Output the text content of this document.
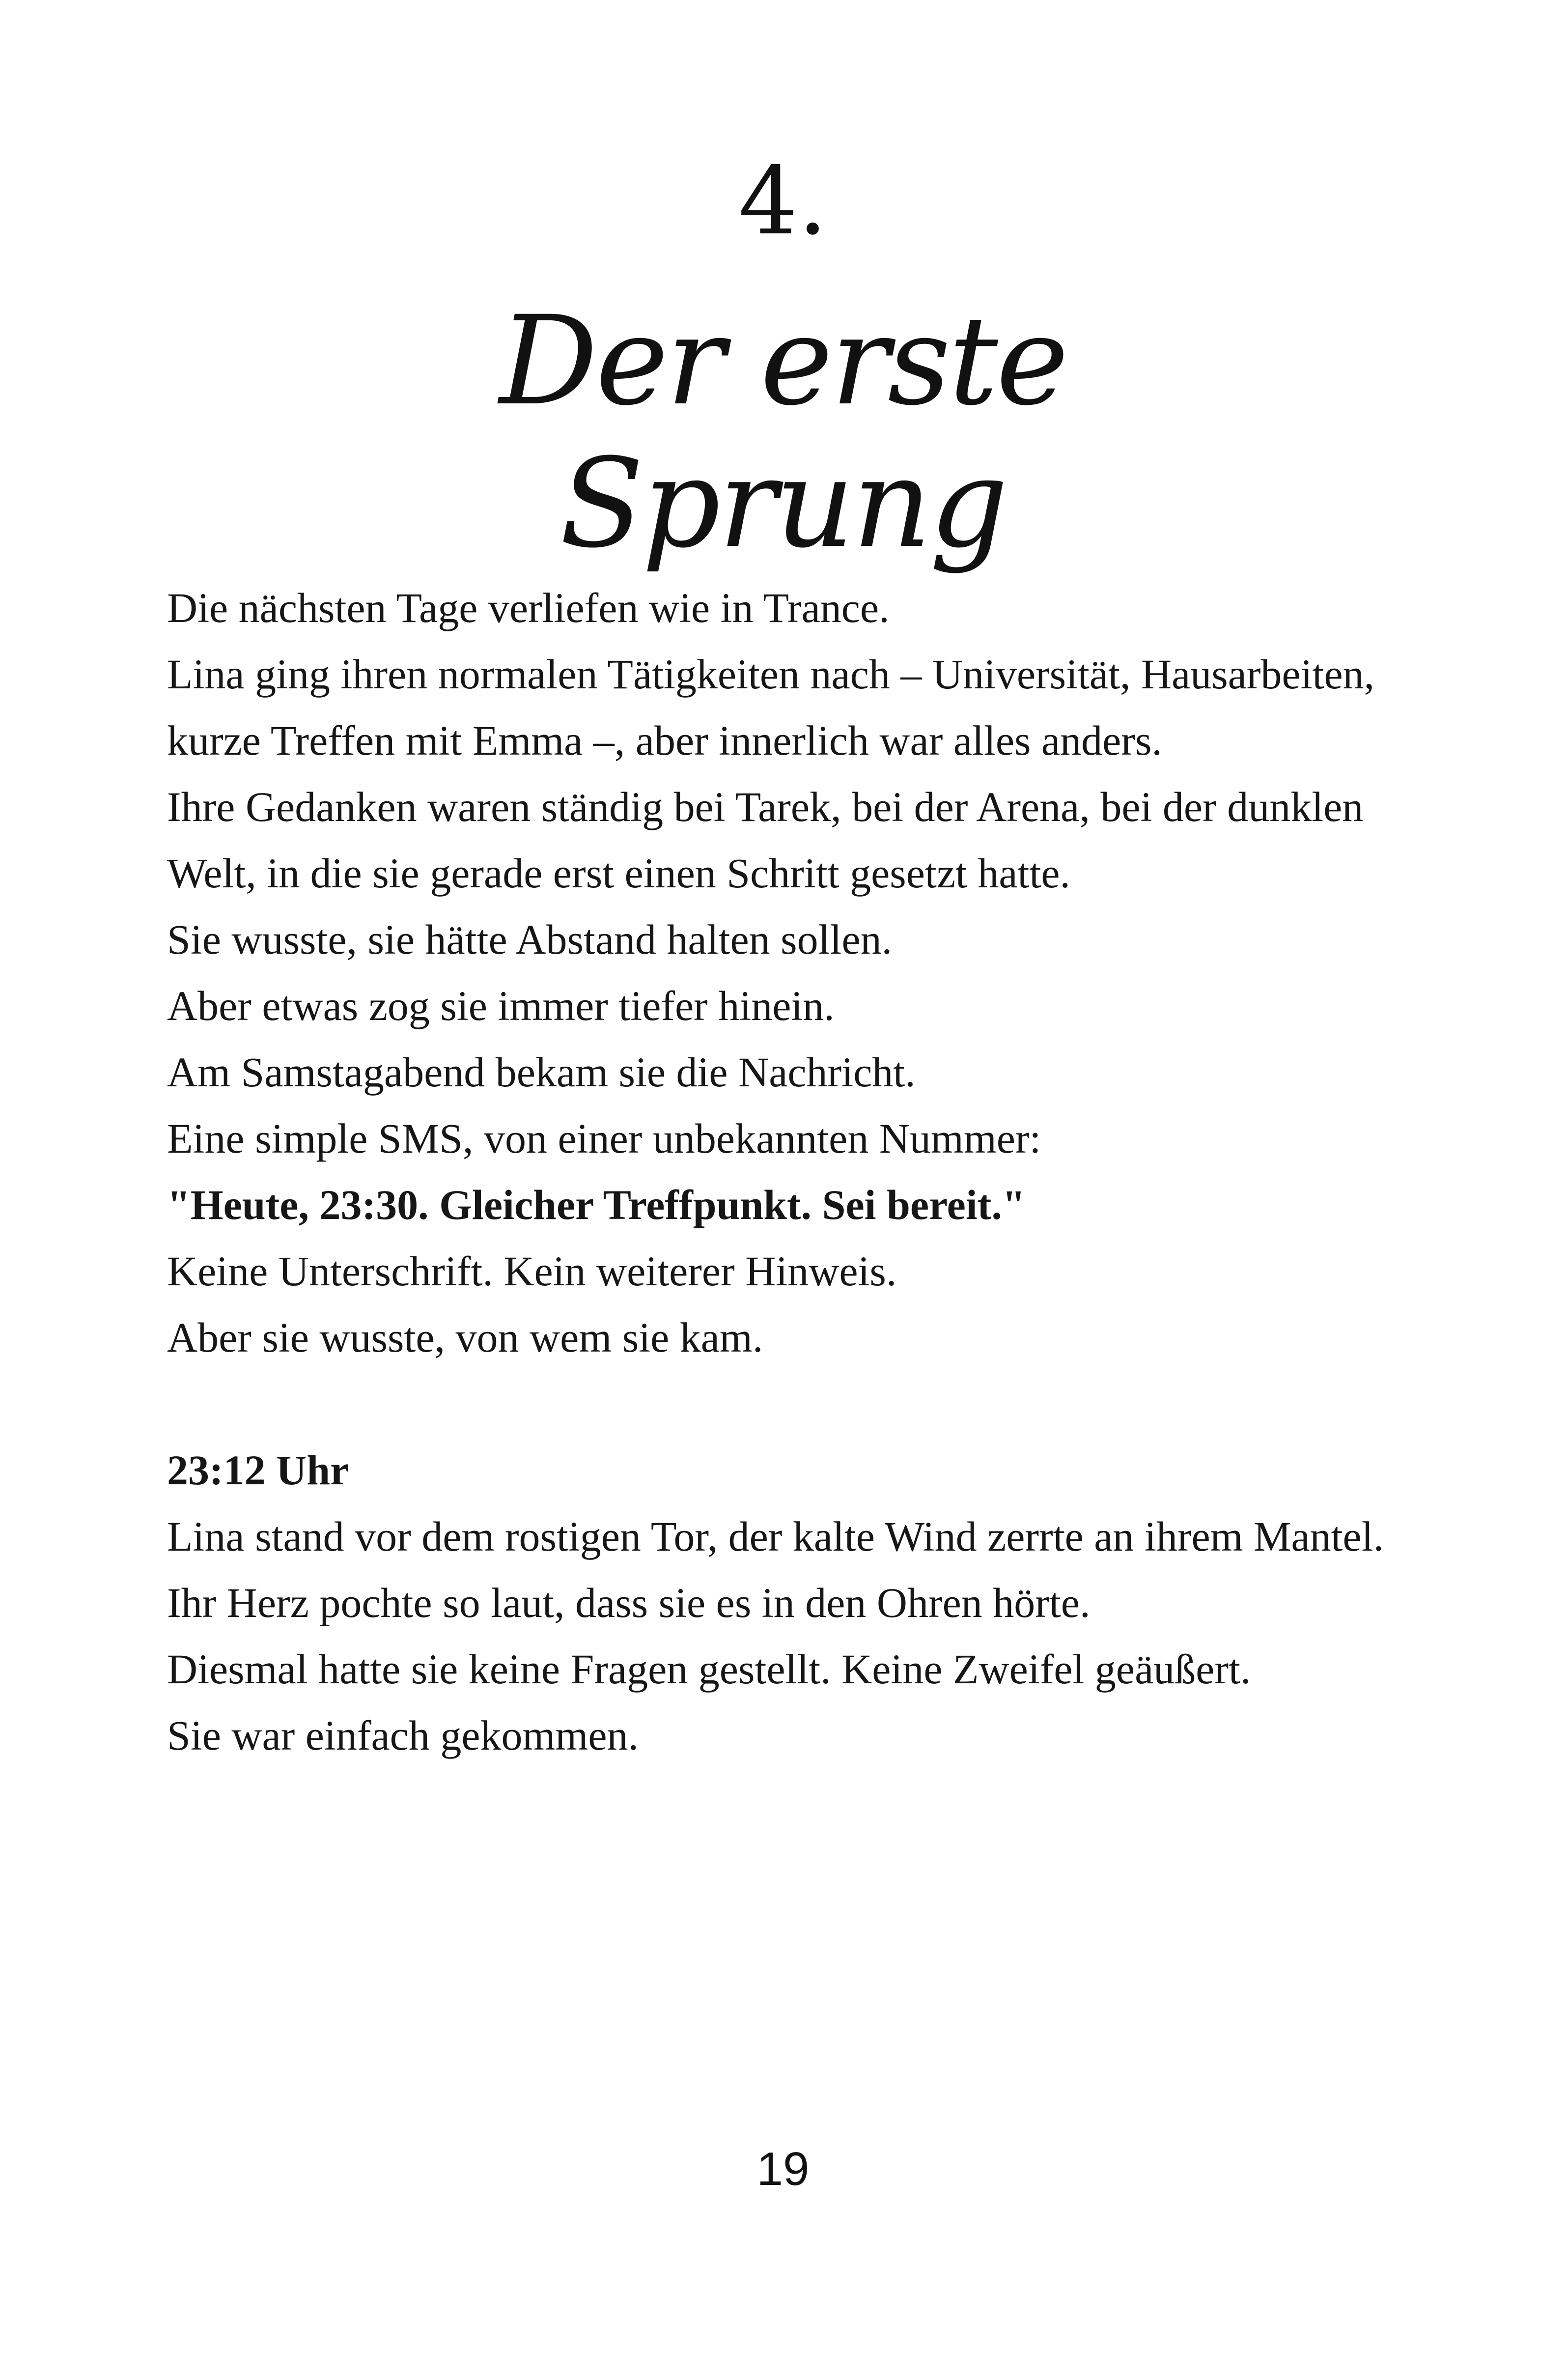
4.
Der erste
Sprung

Die nächsten Tage verliefen wie in Trance.

Lina ging ihren normalen Tätigkeiten nach – Universität, Hausarbeiten, kurze Treffen mit Emma –, aber innerlich war alles anders.

Ihre Gedanken waren ständig bei Tarek, bei der Arena, bei der dunklen Welt, in die sie gerade erst einen Schritt gesetzt hatte.

Sie wusste, sie hätte Abstand halten sollen.

Aber etwas zog sie immer tiefer hinein.

Am Samstagabend bekam sie die Nachricht.

Eine simple SMS, von einer unbekannten Nummer:

"Heute, 23:30. Gleicher Treffpunkt. Sei bereit."

Keine Unterschrift. Kein weiterer Hinweis.

Aber sie wusste, von wem sie kam.

23:12 Uhr

Lina stand vor dem rostigen Tor, der kalte Wind zerrte an ihrem Mantel.

Ihr Herz pochte so laut, dass sie es in den Ohren hörte.

Diesmal hatte sie keine Fragen gestellt. Keine Zweifel geäußert.

Sie war einfach gekommen.

19
